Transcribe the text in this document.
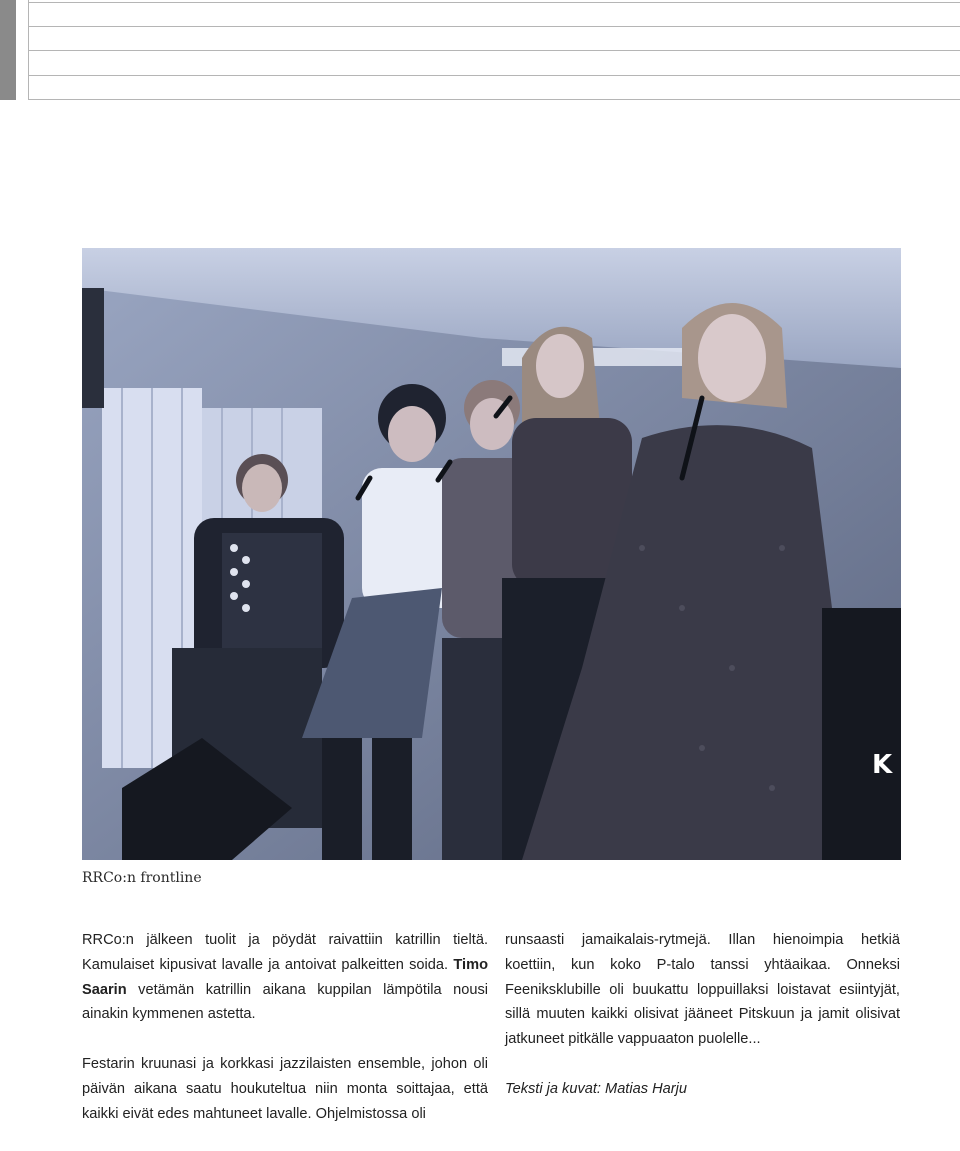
K
RRCo:n frontline

RRCo:n jälkeen tuolit ja pöydät raivattiin katrillin tieltä. Kamulaiset kipusivat lavalle ja antoivat palkeitten soida. Timo Saarin vetämän katrillin aikana kuppilan lämpötila nousi ainakin kymmenen astetta.

Festarin kruunasi ja korkkasi jazzilaisten ensemble, johon oli päivän aikana saatu houkuteltua niin monta soittajaa, että kaikki eivät edes mahtuneet lavalle. Ohjelmistossa oli

runsaasti jamaikalais-rytmejä. Illan hienoimpia hetkiä koettiin, kun koko P-talo tanssi yhtäaikaa. Onneksi Feeniksklubille oli buukattu loppuillaksi loistavat esiintyjät, sillä muuten kaikki olisivat jääneet Pitskuun ja jamit olisivat jatkuneet pitkälle vappuaaton puolelle...

Teksti ja kuvat: Matias Harju
